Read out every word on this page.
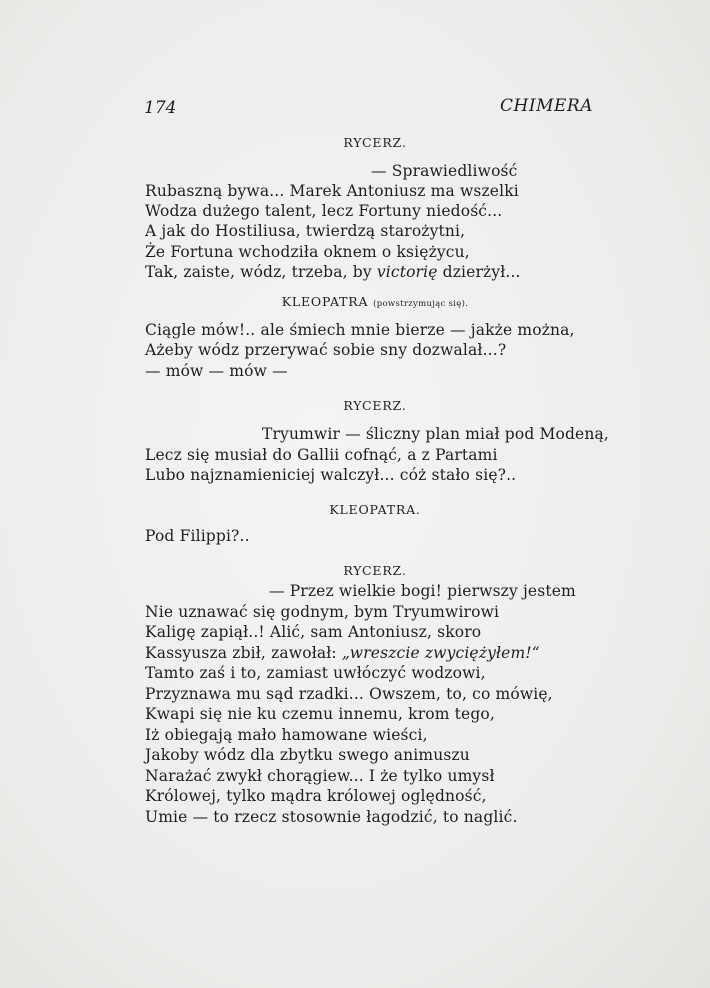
174	CHIMERA
RYCERZ.
— Sprawiedliwość
Rubaszną bywa... Marek Antoniusz ma wszelki
Wodza dużego talent, lecz Fortuny niedość...
A jak do Hostiliusa, twierdzą starożytni,
Że Fortuna wchodziła oknem o księżycu,
Tak, zaiste, wódz, trzeba, by victorię dzierżył...
KLEOPATRA (powstrzymując się).
Ciągle mów!.. ale śmiech mnie bierze — jakże można,
Ażeby wódz przerywać sobie sny dozwalał...?
— mów — mów —
RYCERZ.
Tryumwir — śliczny plan miał pod Modeną,
Lecz się musiał do Gallii cofnąć, a z Partami
Lubo najznamieniciej walczył... cóż stało się?..
KLEOPATRA.
Pod Filippi?..
RYCERZ.
— Przez wielkie bogi! pierwszy jestem
Nie uznawać się godnym, bym Tryumwirowi
Kaligę zapiął..! Alić, sam Antoniusz, skoro
Kassyusza zbił, zawołał: „wreszcie zwyciężyłem!“
Tamto zaś i to, zamiast uwłóczyć wodzowi,
Przyznawa mu sąd rzadki... Owszem, to, co mówię,
Kwapi się nie ku czemu innemu, krom tego,
Iż obiegają mało hamowane wieści,
Jakoby wódz dla zbytku swego animuszu
Narażać zwykł chorągiew... I że tylko umysł
Królowej, tylko mądra królowej oględność,
Umie — to rzecz stosownie łagodzić, to naglić.
